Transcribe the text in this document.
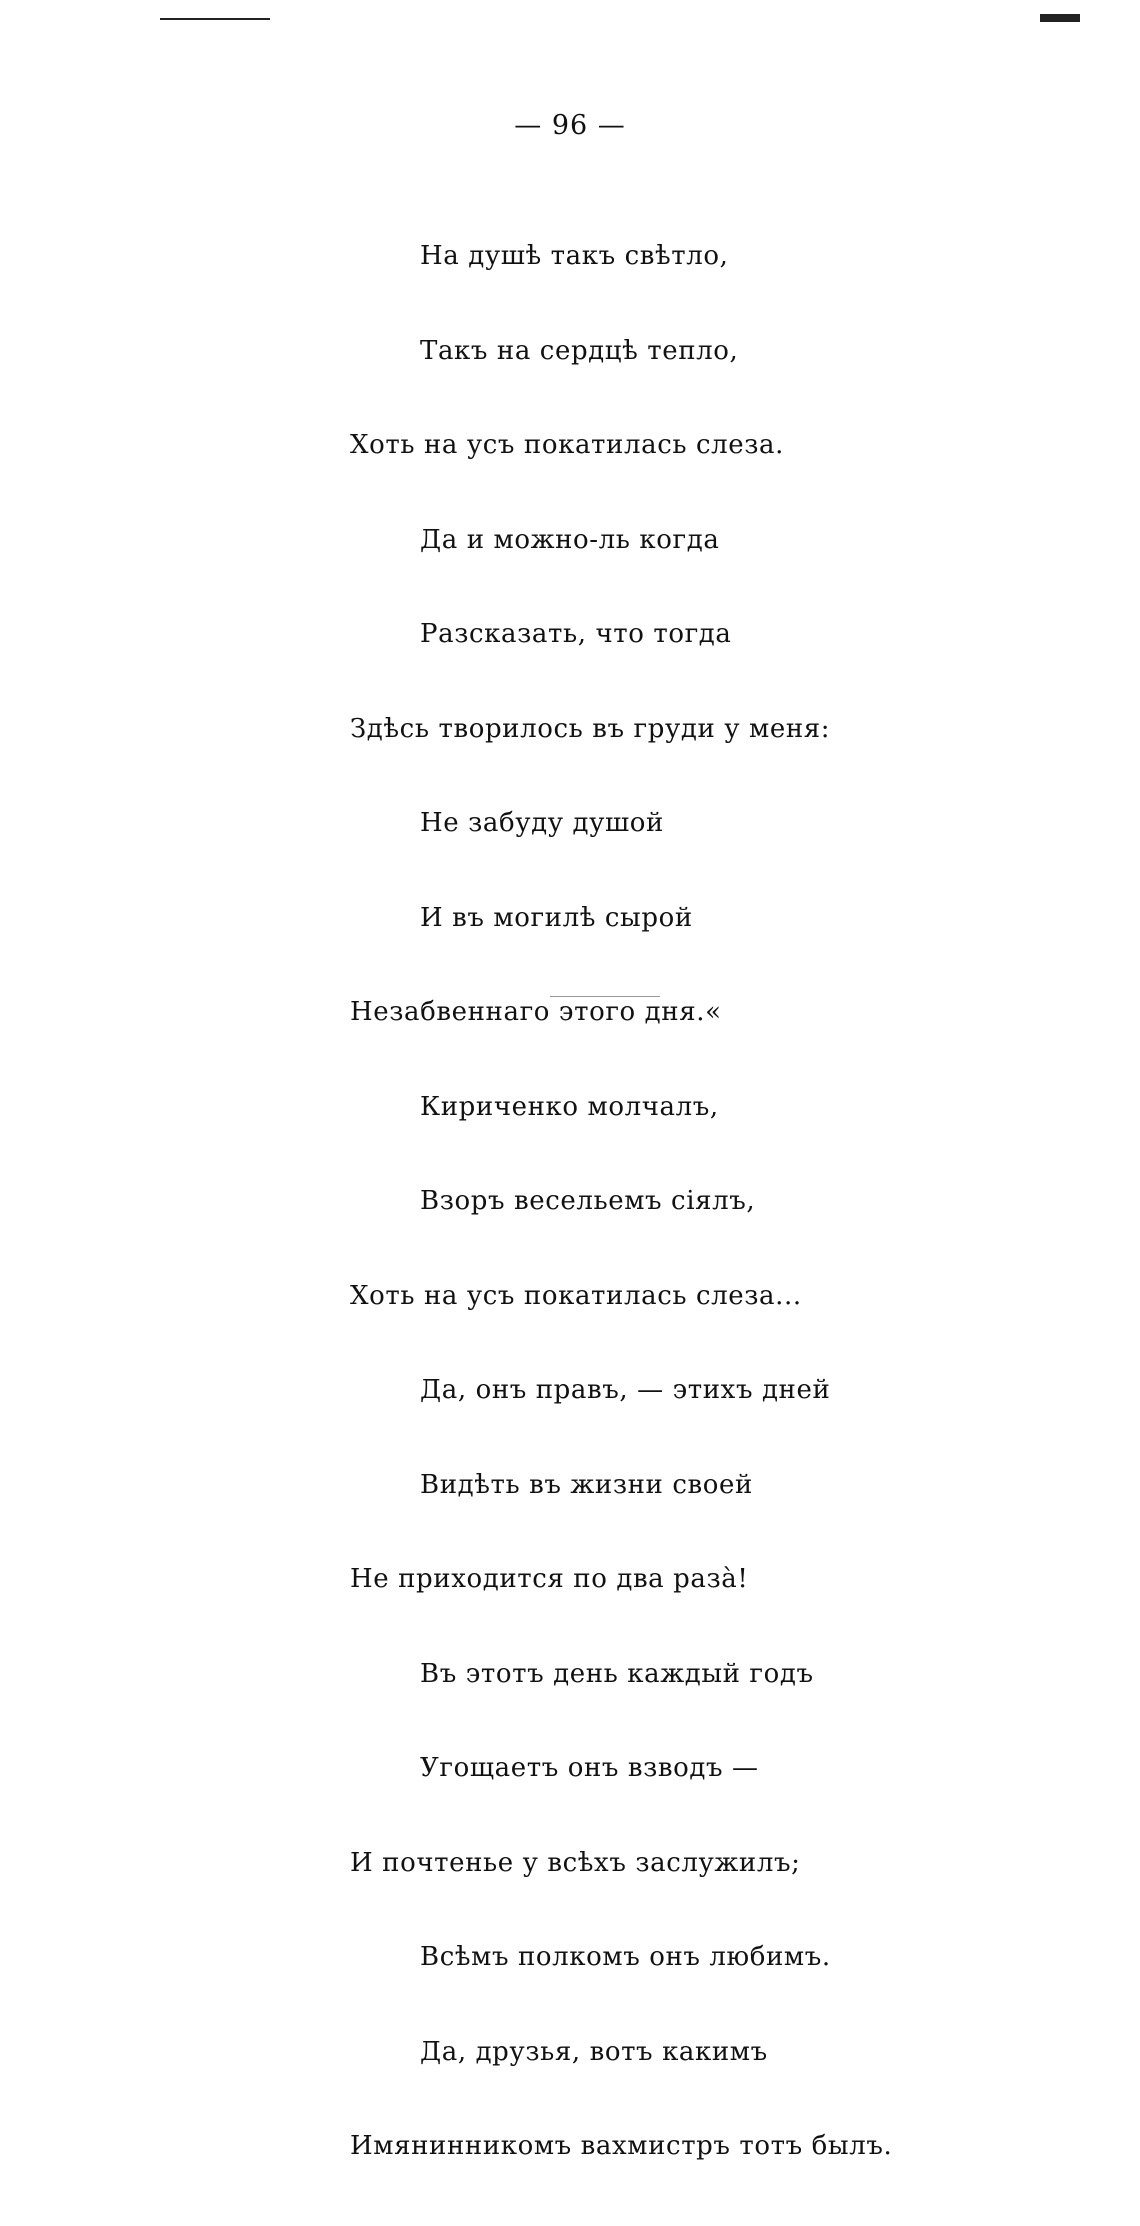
— 96 —

На душѣ такъ свѣтло,

Такъ на сердцѣ тепло,

Хоть на усъ покатилась слеза.

Да и можно-ль когда

Разсказать, что тогда

Здѣсь творилось въ груди у меня:

Не забуду душой

И въ могилѣ сырой

Незабвеннаго этого дня.«

Кириченко молчалъ,

Взоръ весельемъ сіялъ,

Хоть на усъ покатилась слеза...

Да, онъ правъ, — этихъ дней

Видѣть въ жизни своей

Не приходится по два разà!

Въ этотъ день каждый годъ

Угощаетъ онъ взводъ —

И почтенье у всѣхъ заслужилъ;

Всѣмъ полкомъ онъ любимъ.

Да, друзья, вотъ какимъ

Имянинникомъ вахмистръ тотъ былъ.
